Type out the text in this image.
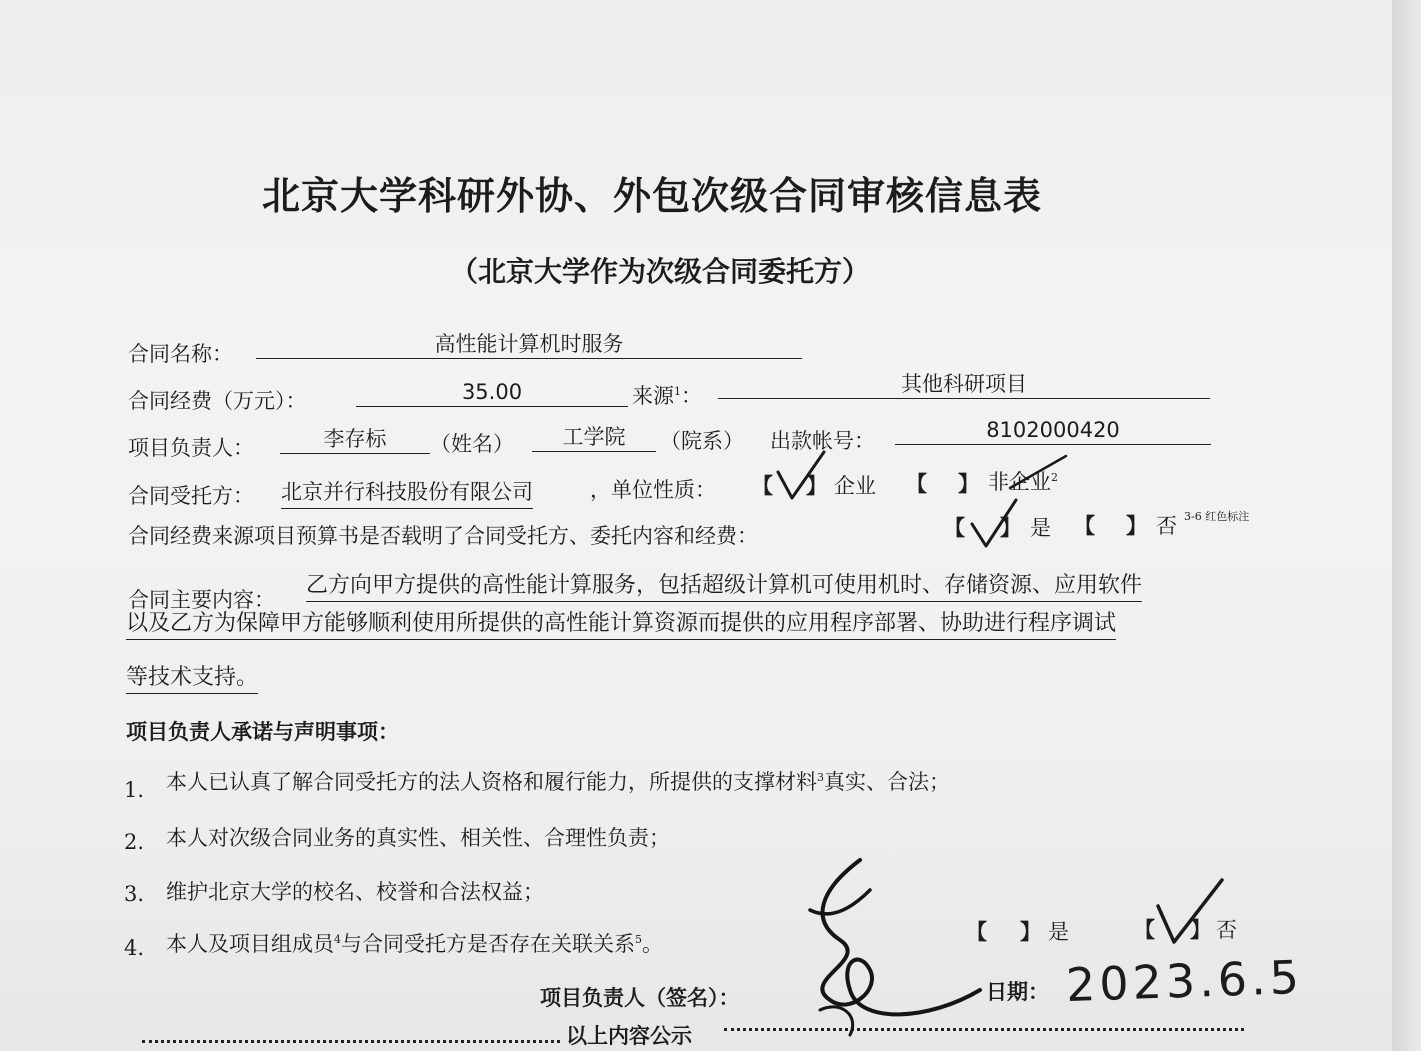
北京大学科研外协、外包次级合同审核信息表
（北京大学作为次级合同委托方）
合同名称：	高性能计算机时服务
合同经费（万元）：	35.00	来源$^1$：	其他科研项目
项目负责人：	李存标	（姓名）	工学院	（院系） 出款帐号：	8102000420
合同受托方： 北京并行科技股份有限公司	，单位性质： 【 】 企业 【 】 非企业$^2$
合同经费来源项目预算书是否载明了合同受托方、委托内容和经费：	【 】 是 【 】 否 3-6 红色标注
合同主要内容：
乙方向甲方提供的高性能计算服务，包括超级计算机可使用机时、存储资源、应用软件
以及乙方为保障甲方能够顺利使用所提供的高性能计算资源而提供的应用程序部署、协助进行程序调试
等技术支持。
项目负责人承诺与声明事项：
1. 本人已认真了解合同受托方的法人资格和履行能力，所提供的支撑材料$^3$真实、合法；
2. 本人对次级合同业务的真实性、相关性、合理性负责；
3. 维护北京大学的校名、校誉和合法权益；
4. 本人及项目组成员$^4$与合同受托方是否存在关联关系$^5$。	【 】 是	【 】 否
项目负责人（签名）：	日期： 2023.6.5
以上内容公示
